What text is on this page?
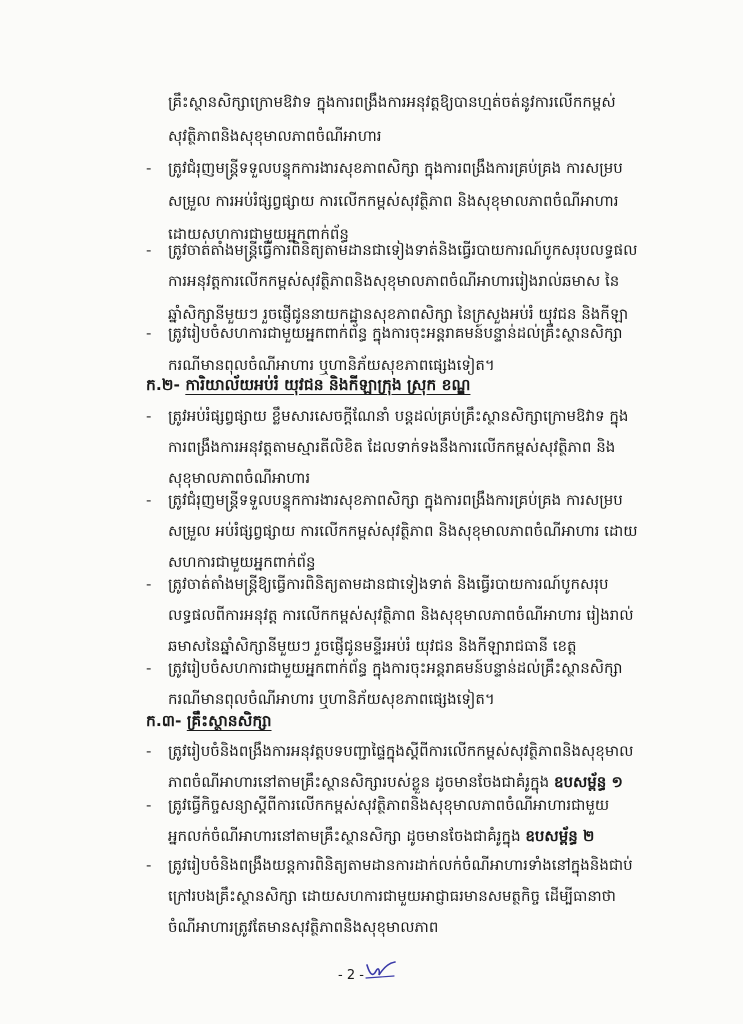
គ្រឹះស្ថានសិក្សាក្រោមឱវាទ ក្នុងការពង្រឹងការអនុវត្តឱ្យបានហ្មត់ចត់នូវការលើកកម្ពស់
សុវត្ថិភាពនិងសុខុមាលភាពចំណីអាហារ
- ត្រូវជំរុញមន្ត្រីទទួលបន្ទុកការងារសុខភាពសិក្សា ក្នុងការពង្រឹងការគ្រប់គ្រង ការសម្រប
សម្រួល ការអប់រំផ្សព្វផ្សាយ ការលើកកម្ពស់សុវត្ថិភាព និងសុខុមាលភាពចំណីអាហារ
ដោយសហការជាមួយអ្នកពាក់ព័ន្ធ
- ត្រូវចាត់តាំងមន្ត្រីធ្វើការពិនិត្យតាមដានជាទៀងទាត់និងធ្វើរបាយការណ៍បូកសរុបលទ្ធផល
ការអនុវត្តការលើកកម្ពស់សុវត្ថិភាពនិងសុខុមាលភាពចំណីអាហាររៀងរាល់ឆមាស នៃ
ឆ្នាំសិក្សានីមួយៗ រួចផ្ញើជូននាយកដ្ឋានសុខភាពសិក្សា នៃក្រសួងអប់រំ យុវជន និងកីឡា
- ត្រូវរៀបចំសហការជាមួយអ្នកពាក់ព័ន្ធ ក្នុងការចុះអន្តរាគមន៍បន្ទាន់ដល់គ្រឹះស្ថានសិក្សា
ករណីមានពុលចំណីអាហារ ឬហានិភ័យសុខភាពផ្សេងទៀត។
ក.២- ការិយាល័យអប់រំ យុវជន និងកីឡាក្រុង ស្រុក ខណ្ឌ
- ត្រូវអប់រំផ្សព្វផ្សាយ ខ្លឹមសារសេចក្តីណែនាំ បន្តដល់គ្រប់គ្រឹះស្ថានសិក្សាក្រោមឱវាទ ក្នុង
ការពង្រឹងការអនុវត្តតាមស្មារតីលិខិត ដែលទាក់ទងនឹងការលើកកម្ពស់សុវត្ថិភាព និង
សុខុមាលភាពចំណីអាហារ
- ត្រូវជំរុញមន្ត្រីទទួលបន្ទុកការងារសុខភាពសិក្សា ក្នុងការពង្រឹងការគ្រប់គ្រង ការសម្រប
សម្រួល អប់រំផ្សព្វផ្សាយ ការលើកកម្ពស់សុវត្ថិភាព និងសុខុមាលភាពចំណីអាហារ ដោយ
សហការជាមួយអ្នកពាក់ព័ន្ធ
- ត្រូវចាត់តាំងមន្ត្រីឱ្យធ្វើការពិនិត្យតាមដានជាទៀងទាត់ និងធ្វើរបាយការណ៍បូកសរុប
លទ្ធផលពីការអនុវត្ត ការលើកកម្ពស់សុវត្ថិភាព និងសុខុមាលភាពចំណីអាហារ រៀងរាល់
ឆមាសនៃឆ្នាំសិក្សានីមួយៗ រួចផ្ញើជូនមន្ទីរអប់រំ យុវជន និងកីឡារាជធានី ខេត្ត
- ត្រូវរៀបចំសហការជាមួយអ្នកពាក់ព័ន្ធ ក្នុងការចុះអន្តរាគមន៍បន្ទាន់ដល់គ្រឹះស្ថានសិក្សា
ករណីមានពុលចំណីអាហារ ឬហានិភ័យសុខភាពផ្សេងទៀត។
ក.៣- គ្រឹះស្ថានសិក្សា
- ត្រូវរៀបចំនិងពង្រឹងការអនុវត្តបទបញ្ជាផ្ទៃក្នុងស្តីពីការលើកកម្ពស់សុវត្ថិភាពនិងសុខុមាល
ភាពចំណីអាហារនៅតាមគ្រឹះស្ថានសិក្សារបស់ខ្លួន ដូចមានចែងជាគំរូក្នុង ឧបសម្ព័ន្ធ ១
- ត្រូវធ្វើកិច្ចសន្យាស្តីពីការលើកកម្ពស់សុវត្ថិភាពនិងសុខុមាលភាពចំណីអាហារជាមួយ
អ្នកលក់ចំណីអាហារនៅតាមគ្រឹះស្ថានសិក្សា ដូចមានចែងជាគំរូក្នុង ឧបសម្ព័ន្ធ ២
- ត្រូវរៀបចំនិងពង្រឹងយន្តការពិនិត្យតាមដានការដាក់លក់ចំណីអាហារទាំងនៅក្នុងនិងជាប់
ក្រៅរបងគ្រឹះស្ថានសិក្សា ដោយសហការជាមួយអាជ្ញាធរមានសមត្ថកិច្ច ដើម្បីធានាថា
ចំណីអាហារត្រូវតែមានសុវត្ថិភាពនិងសុខុមាលភាព
- 2 -
